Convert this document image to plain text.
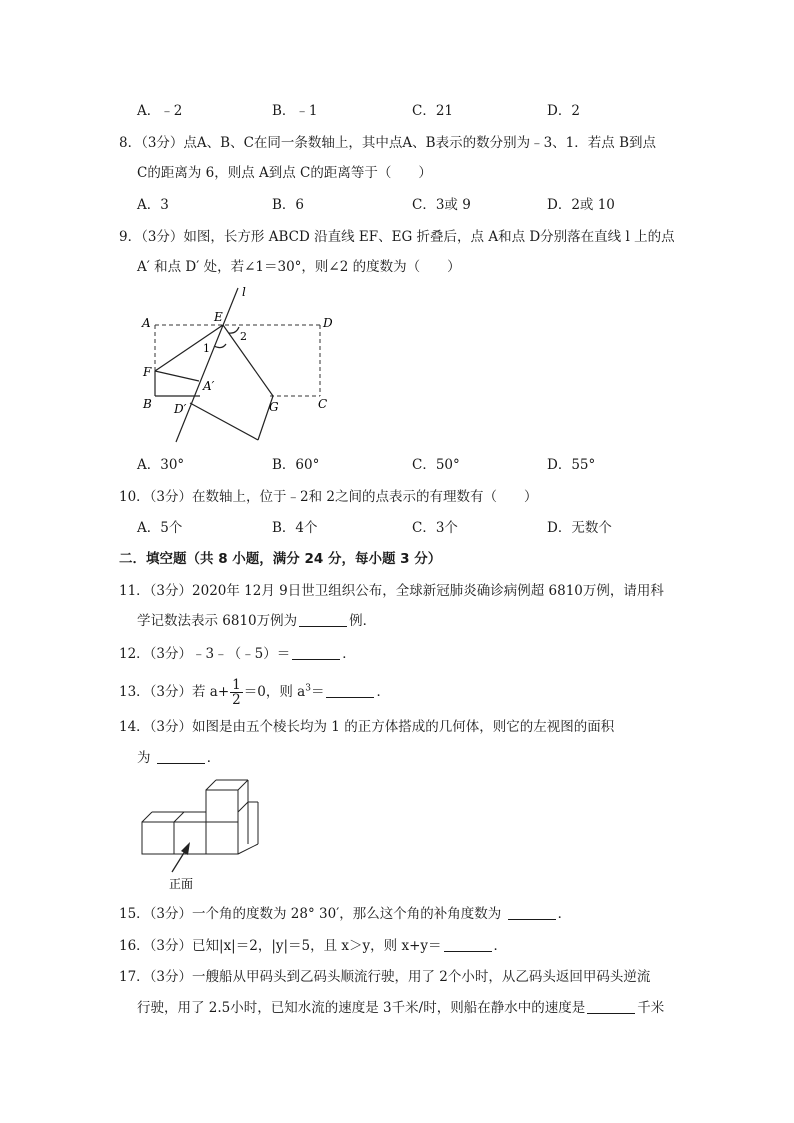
A．﹣2	B．﹣1	C．21	D．2
8．（3分）点A、B、C在同一条数轴上，其中点A、B表示的数分别为﹣3、1．若点 B到点
C的距离为 6，则点 A到点 C的距离等于（　　）
A．3	B．6	C．3或 9	D．2或 10
9．（3分）如图，长方形 ABCD 沿直线 EF、EG 折叠后，点 A和点 D分别落在直线 l 上的点
A′ 和点 D′ 处，若∠1＝30°，则∠2 的度数为（　　）
A	E	D
l
1
2
F
A′
B D′	G	C
A．30°	B．60°	C．50°	D．55°
10．（3分）在数轴上，位于﹣2和 2之间的点表示的有理数有（　　）
A．5个	B．4个	C．3个	D．无数个
二．填空题（共 8 小题，满分 24 分，每小题 3 分）
11．（3分）2020年 12月 9日世卫组织公布，全球新冠肺炎确诊病例超 6810万例，请用科
学记数法表示 6810万例为	例．
12．（3分）﹣3﹣（﹣5）＝	．
13．（3分）若 $a+ \frac{1}{2} =0$，则 $a^3=$	．
14．（3分）如图是由五个棱长均为 1 的正方体搭成的几何体，则它的左视图的面积
为	．
正面
15．（3分）一个角的度数为 28° 30′，那么这个角的补角度数为	．
16．（3分）已知|x|＝2，|y|＝5，且 x＞y，则 x+y＝	．
17．（3分）一艘船从甲码头到乙码头顺流行驶，用了 2个小时，从乙码头返回甲码头逆流
行驶，用了 2.5小时，已知水流的速度是 3千米/时，则船在静水中的速度是	千米
